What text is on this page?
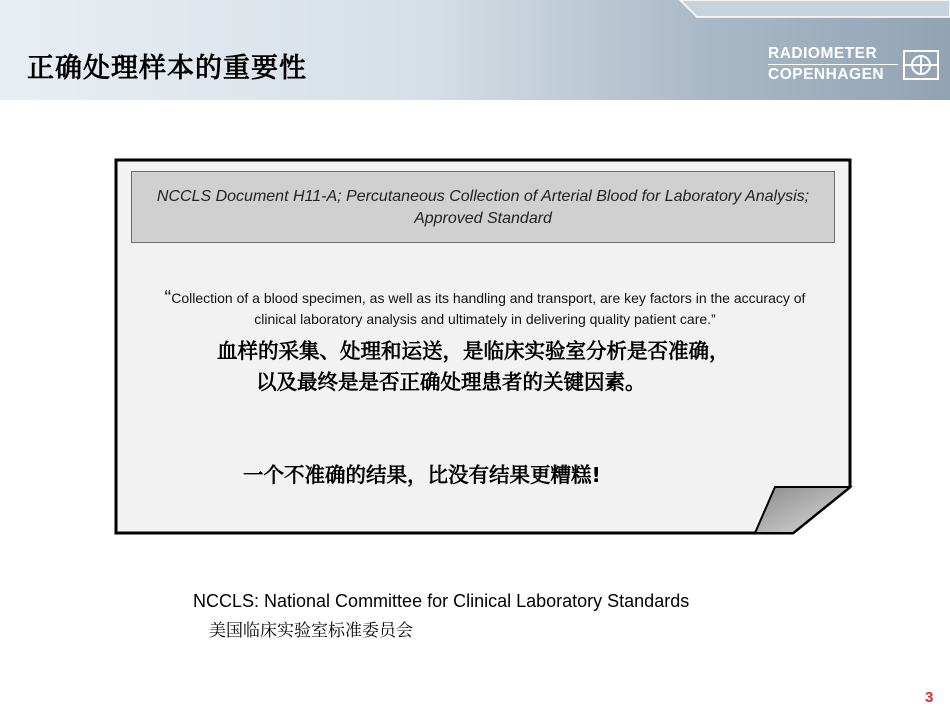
正确处理样本的重要性	RADIOMETER
COPENHAGEN
NCCLS Document H11-A; Percutaneous Collection of Arterial Blood for Laboratory Analysis; Approved Standard
“Collection of a blood specimen, as well as its handling and transport, are key factors in the accuracy of clinical laboratory analysis and ultimately in delivering quality patient care.”
血样的采集、处理和运送，是临床实验室分析是否准确，
以及最终是是否正确处理患者的关键因素。
一个不准确的结果，比没有结果更糟糕!
NCCLS: National Committee for Clinical Laboratory Standards
美国临床实验室标准委员会
3
